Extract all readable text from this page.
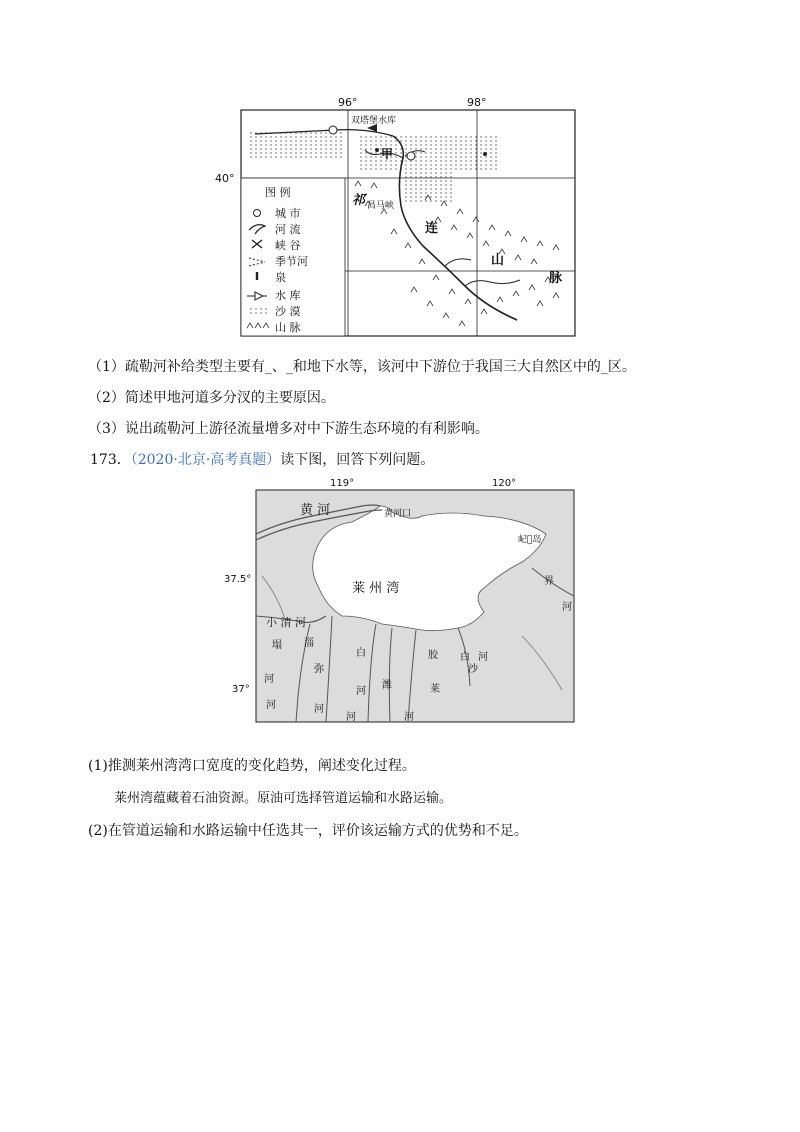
96°	98°
40°
双塔堡水库
甲
昌马峡
祁
连
山
脉
图 例
城 市
河 流
峡 谷
季节河
泉
水 库
沙 漠
山 脉
（1）疏勒河补给类型主要有_、_和地下水等，该河中下游位于我国三大自然区中的_区。
（2）简述甲地河道多分汊的主要原因。
（3）说出疏勒河上游径流量增多对中下游生态环境的有利影响。
173．（2020·北京·高考真题）读下图，回答下列问题。
119°	120°
37.5°
37°
黄 河	黄河口
屺𡶴岛
莱 州 湾
小 清 河
塌
河
河
淄
弥
河
白
河
潍
河
胶
莱
河
白
沙
河
界
河
(1)推测莱州湾湾口宽度的变化趋势，阐述变化过程。
莱州湾蕴藏着石油资源。原油可选择管道运输和水路运输。
(2)在管道运输和水路运输中任选其一，评价该运输方式的优势和不足。
